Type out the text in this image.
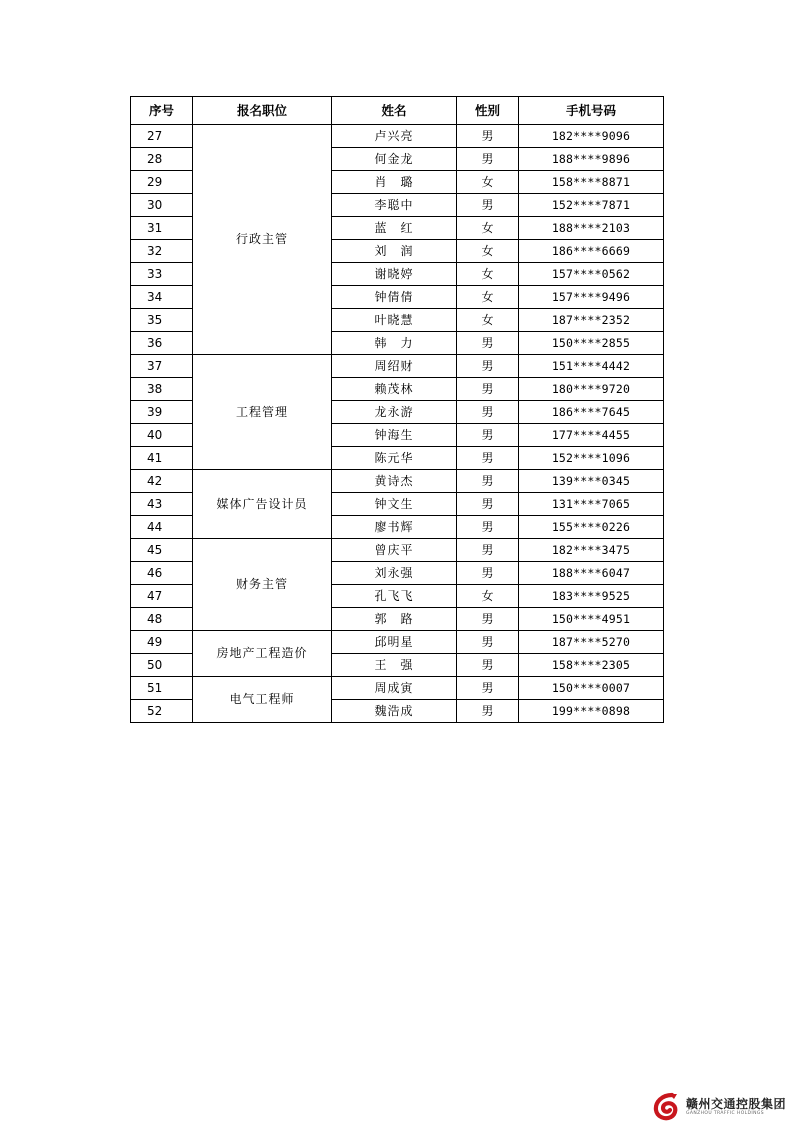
序号	报名职位	姓名	性别	手机号码
27	行政主管	卢兴亮	男	182****9096
28		何金龙	男	188****9896
29		肖　璐	女	158****8871
30		李聪中	男	152****7871
31		蓝　红	女	188****2103
32		刘　润	女	186****6669
33		谢晓婷	女	157****0562
34		钟倩倩	女	157****9496
35		叶晓慧	女	187****2352
36		韩　力	男	150****2855
37	工程管理	周绍财	男	151****4442
38		赖茂林	男	180****9720
39		龙永游	男	186****7645
40		钟海生	男	177****4455
41		陈元华	男	152****1096
42	媒体广告设计员	黄诗杰	男	139****0345
43		钟文生	男	131****7065
44		廖书辉	男	155****0226
45	财务主管	曾庆平	男	182****3475
46		刘永强	男	188****6047
47		孔飞飞	女	183****9525
48		郭　路	男	150****4951
49	房地产工程造价	邱明星	男	187****5270
50		王　强	男	158****2305
51	电气工程师	周成寅	男	150****0007
52		魏浩成	男	199****0898
赣州交通控股集团
GANZHOU TRAFFIC HOLDINGS
